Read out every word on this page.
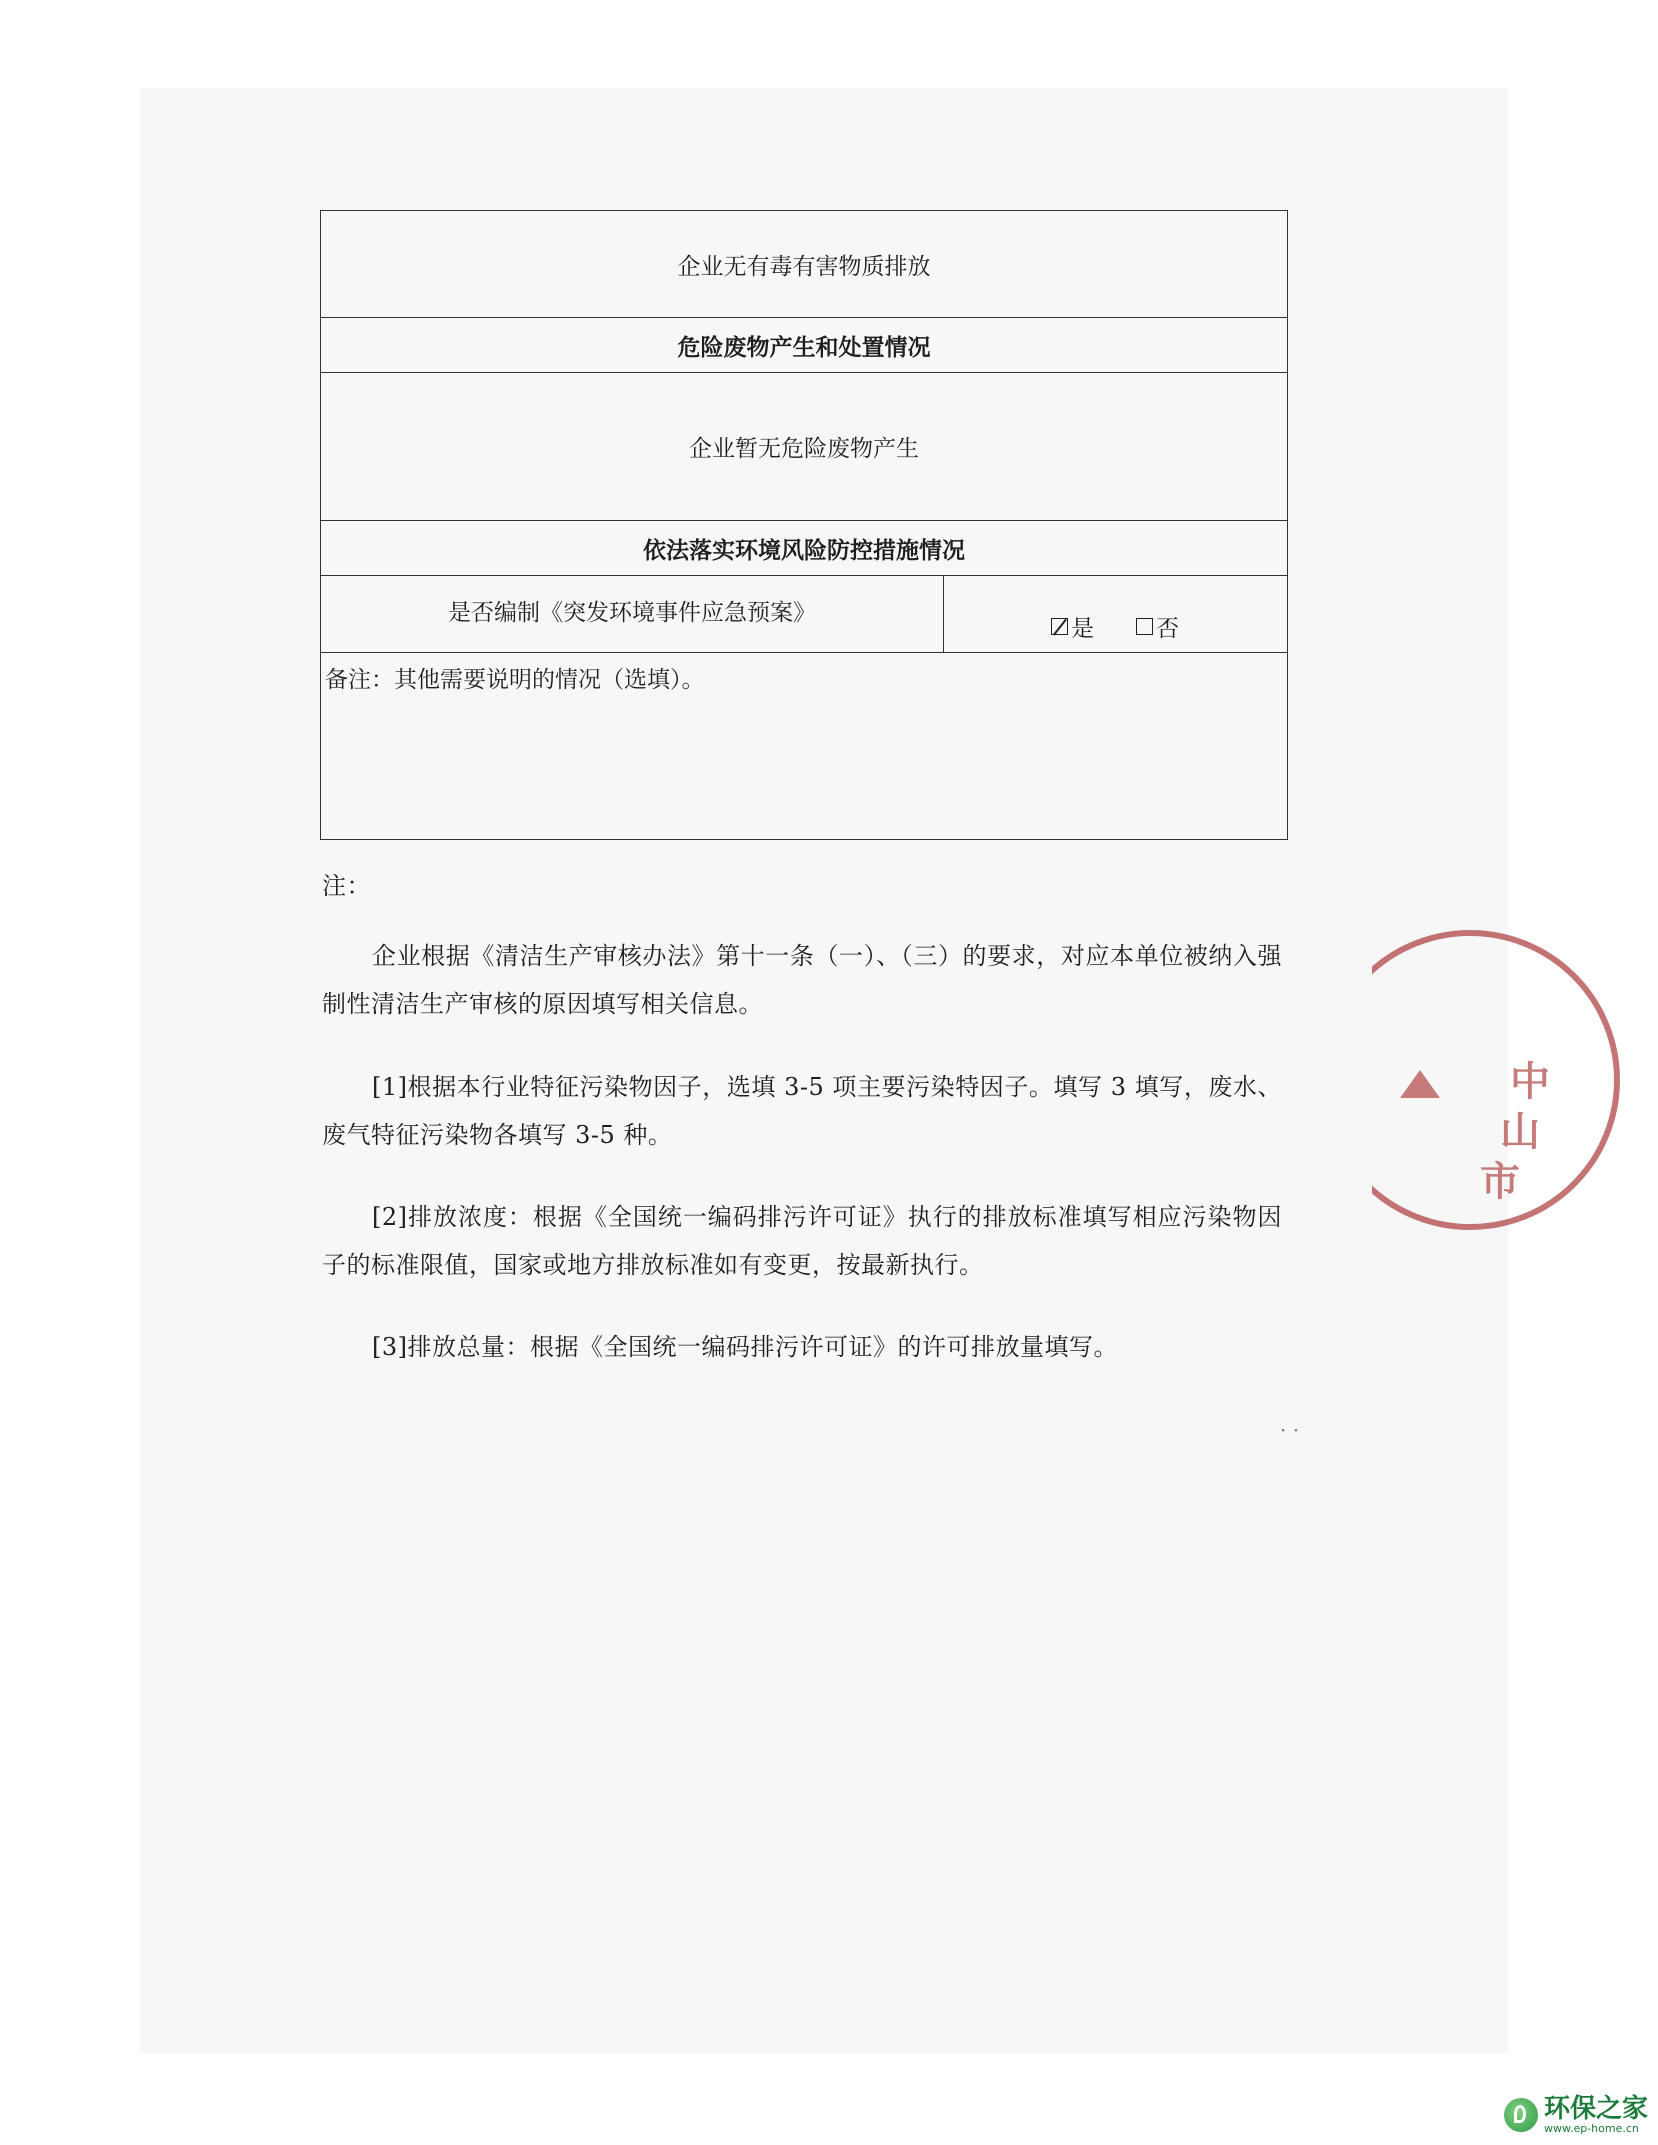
企业无有毒有害物质排放
危险废物产生和处置情况
企业暂无危险废物产生
依法落实环境风险防控措施情况
是否编制《突发环境事件应急预案》
是	否
备注：其他需要说明的情况（选填）。

注：

企业根据《清洁生产审核办法》第十一条（一）、（三）的要求，对应本单位被纳入强制性清洁生产审核的原因填写相关信息。

[1]根据本行业特征污染物因子，选填 3-5 项主要污染特因子。填写 3 填写，废水、废气特征污染物各填写 3-5 种。

[2]排放浓度：根据《全国统一编码排污许可证》执行的排放标准填写相应污染物因子的标准限值，国家或地方排放标准如有变更，按最新执行。

[3]排放总量：根据《全国统一编码排污许可证》的许可排放量填写。

中
山
市
· ·
环保之家
www.ep-home.cn
